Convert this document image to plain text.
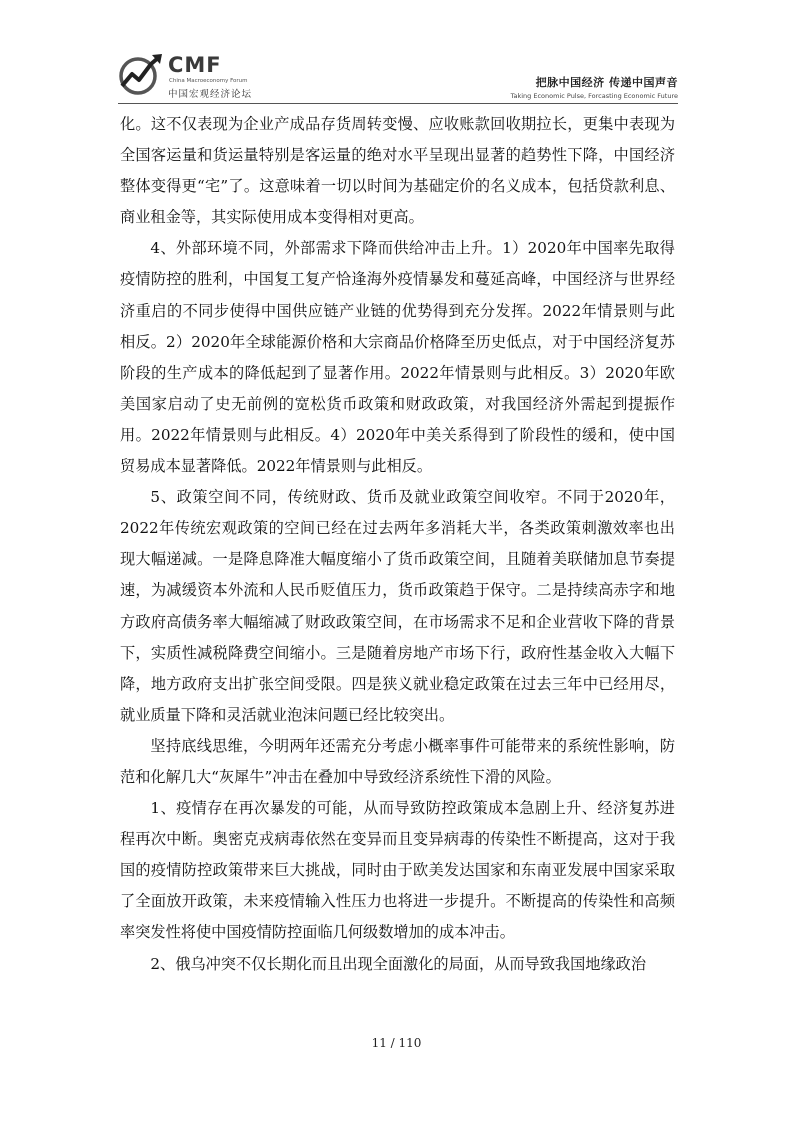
CMF
China Macroeconomy Forum
中国宏观经济论坛
把脉中国经济 传递中国声音
Taking Economic Pulse, Forcasting Economic Future

化。这不仅表现为企业产成品存货周转变慢、应收账款回收期拉长，更集中表现为全国客运量和货运量特别是客运量的绝对水平呈现出显著的趋势性下降，中国经济整体变得更“宅”了。这意味着一切以时间为基础定价的名义成本，包括贷款利息、商业租金等，其实际使用成本变得相对更高。

4、外部环境不同，外部需求下降而供给冲击上升。1）2020年中国率先取得疫情防控的胜利，中国复工复产恰逢海外疫情暴发和蔓延高峰，中国经济与世界经济重启的不同步使得中国供应链产业链的优势得到充分发挥。2022年情景则与此相反。2）2020年全球能源价格和大宗商品价格降至历史低点，对于中国经济复苏阶段的生产成本的降低起到了显著作用。2022年情景则与此相反。3）2020年欧美国家启动了史无前例的宽松货币政策和财政政策，对我国经济外需起到提振作用。2022年情景则与此相反。4）2020年中美关系得到了阶段性的缓和，使中国贸易成本显著降低。2022年情景则与此相反。

5、政策空间不同，传统财政、货币及就业政策空间收窄。不同于2020年，2022年传统宏观政策的空间已经在过去两年多消耗大半，各类政策刺激效率也出现大幅递减。一是降息降准大幅度缩小了货币政策空间，且随着美联储加息节奏提速，为减缓资本外流和人民币贬值压力，货币政策趋于保守。二是持续高赤字和地方政府高债务率大幅缩减了财政政策空间，在市场需求不足和企业营收下降的背景下，实质性减税降费空间缩小。三是随着房地产市场下行，政府性基金收入大幅下降，地方政府支出扩张空间受限。四是狭义就业稳定政策在过去三年中已经用尽，就业质量下降和灵活就业泡沫问题已经比较突出。

坚持底线思维，今明两年还需充分考虑小概率事件可能带来的系统性影响，防范和化解几大“灰犀牛”冲击在叠加中导致经济系统性下滑的风险。

1、疫情存在再次暴发的可能，从而导致防控政策成本急剧上升、经济复苏进程再次中断。奥密克戎病毒依然在变异而且变异病毒的传染性不断提高，这对于我国的疫情防控政策带来巨大挑战，同时由于欧美发达国家和东南亚发展中国家采取了全面放开政策，未来疫情输入性压力也将进一步提升。不断提高的传染性和高频率突发性将使中国疫情防控面临几何级数增加的成本冲击。

2、俄乌冲突不仅长期化而且出现全面激化的局面，从而导致我国地缘政治

11 / 110
